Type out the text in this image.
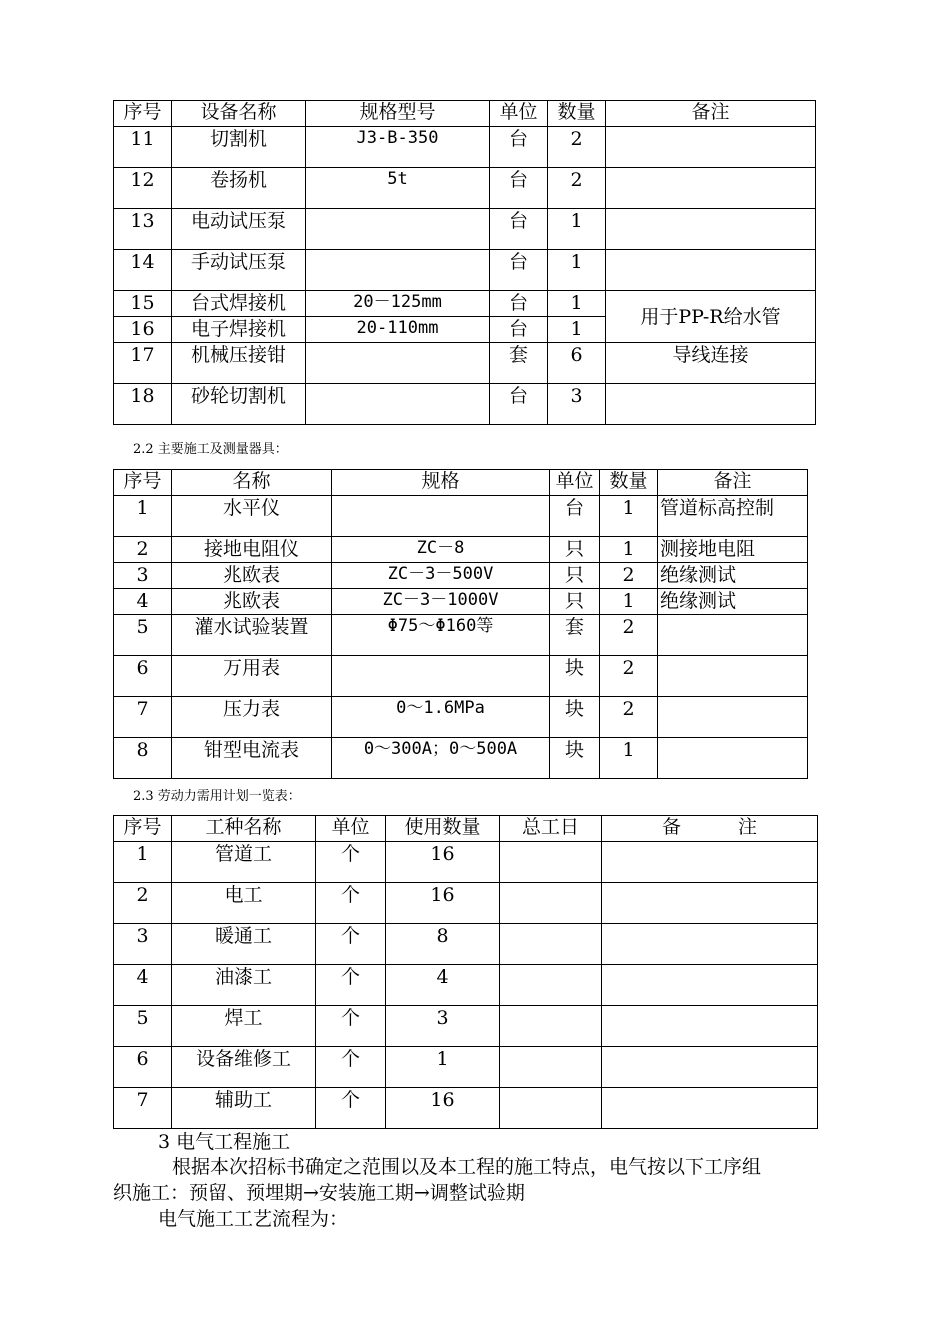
序号	设备名称	规格型号	单位	数量	备注

11	切割机	J3-B-350	台	2	

12	卷扬机	5t	台	2	

13	电动试压泵		台	1	

14	手动试压泵		台	1	

15	台式焊接机	20－125mm	台	1	用于PP-R给水管

16	电子焊接机	20-110mm	台	1	

17	机械压接钳		套	6	导线连接

18	砂轮切割机		台	3	

2.2 主要施工及测量器具：
序号	名称	规格	单位	数量	备注

1	水平仪		台	1	管道标高控制

2	接地电阻仪	ZC－8	只	1	测接地电阻

3	兆欧表	ZC－3－500V	只	2	绝缘测试

4	兆欧表	ZC－3－1000V	只	1	绝缘测试

5	灌水试验装置	Φ75～Φ160等	套	2	

6	万用表		块	2	

7	压力表	0～1.6MPa	块	2	

8	钳型电流表	0～300A；0～500A	块	1	

2.3 劳动力需用计划一览表：
序号	工种名称	单位	使用数量	总工日	备　　　注

1	管道工	个	16		

2	电工	个	16		

3	暖通工	个	8		

4	油漆工	个	4		

5	焊工	个	3		

6	设备维修工	个	1		

7	辅助工	个	16		

3 电气工程施工
根据本次招标书确定之范围以及本工程的施工特点，电气按以下工序组
织施工：预留、预埋期→安装施工期→调整试验期
电气施工工艺流程为：
